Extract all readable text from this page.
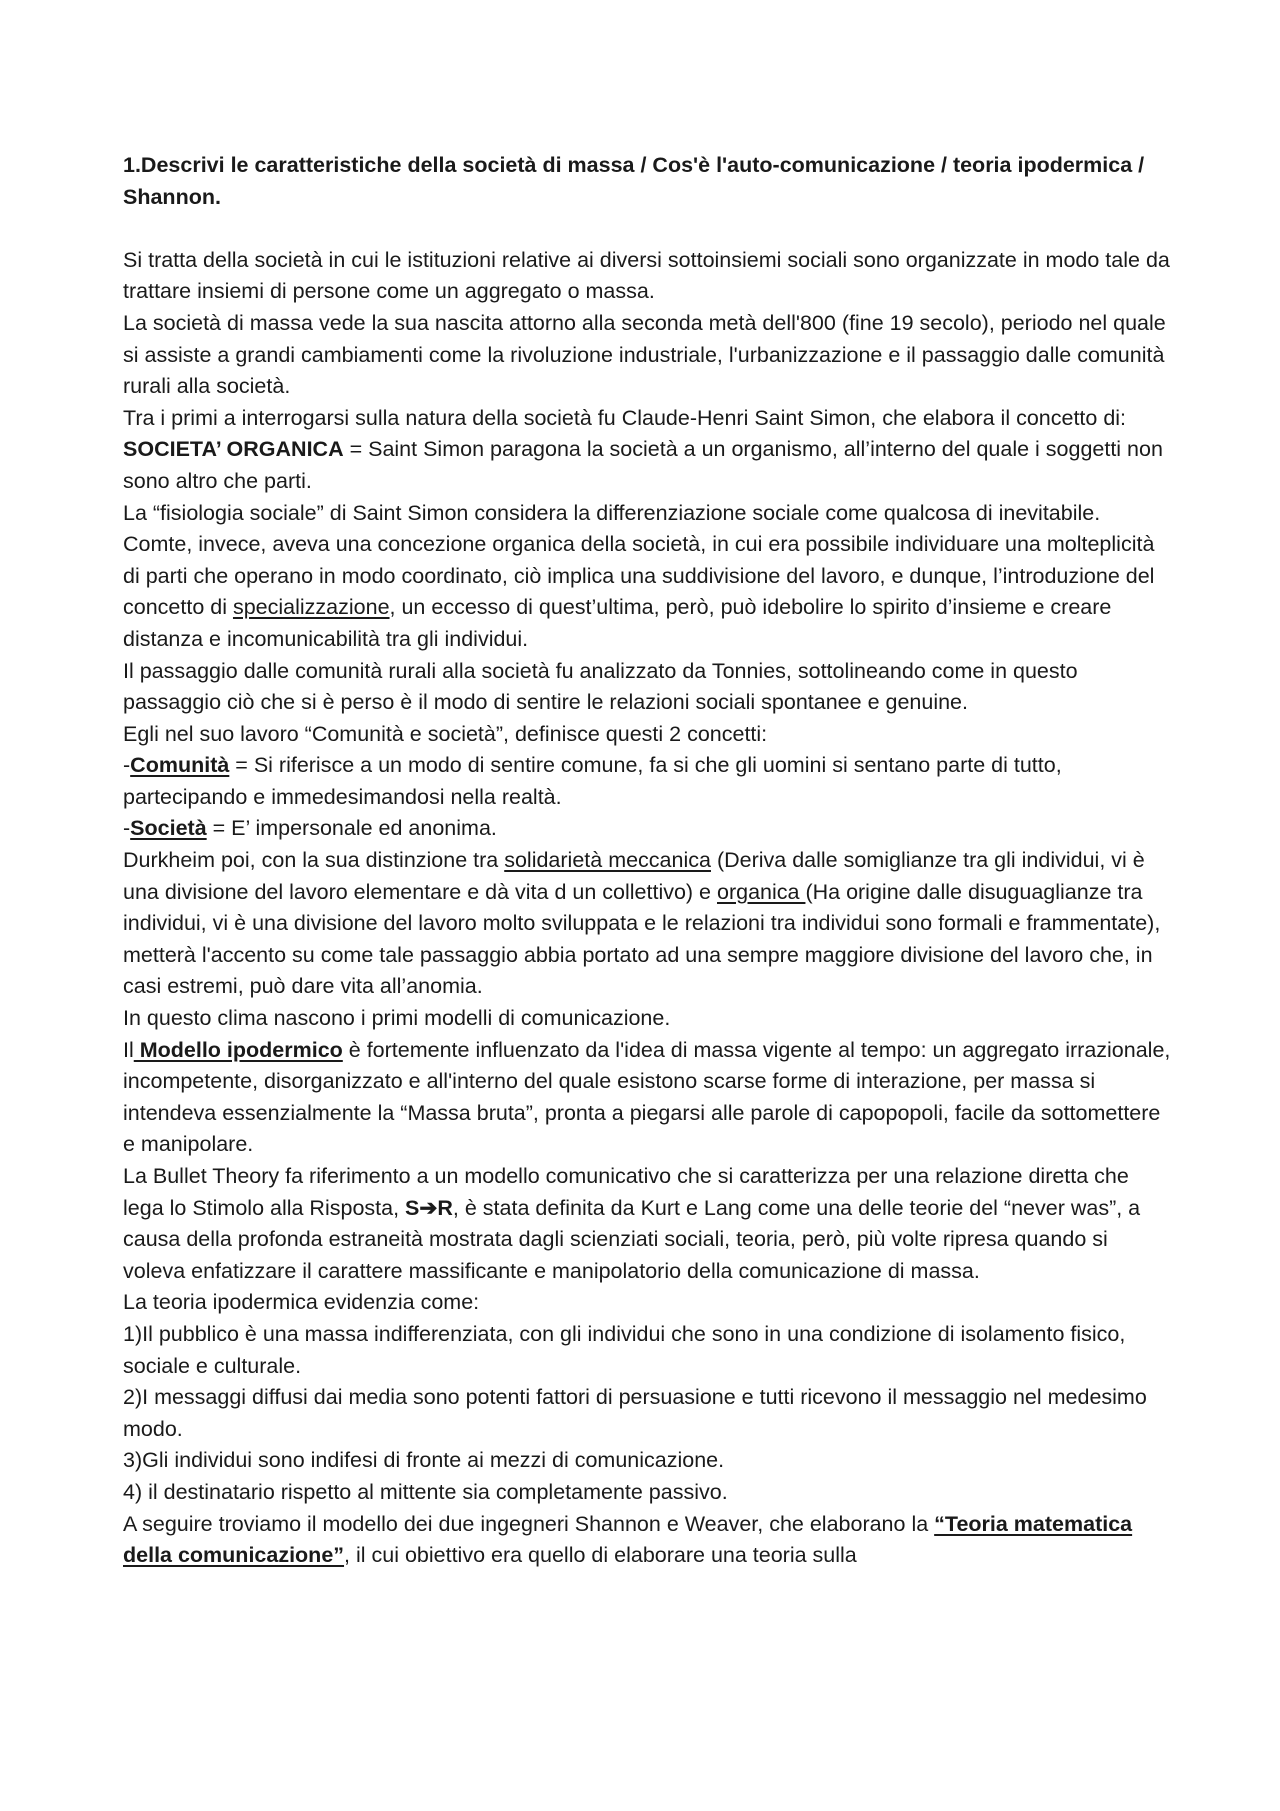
1.Descrivi le caratteristiche della società di massa / Cos'è l'auto-comunicazione / teoria ipodermica / Shannon.

Si tratta della società in cui le istituzioni relative ai diversi sottoinsiemi sociali sono organizzate in modo tale da trattare insiemi di persone come un aggregato o massa.

La società di massa vede la sua nascita attorno alla seconda metà dell'800 (fine 19 secolo), periodo nel quale si assiste a grandi cambiamenti come la rivoluzione industriale, l'urbanizzazione e il passaggio dalle comunità rurali alla società.

Tra i primi a interrogarsi sulla natura della società fu Claude-Henri Saint Simon, che elabora il concetto di:

SOCIETA’ ORGANICA = Saint Simon paragona la società a un organismo, all’interno del quale i soggetti non sono altro che parti.

La “fisiologia sociale” di Saint Simon considera la differenziazione sociale come qualcosa di inevitabile.

Comte, invece, aveva una concezione organica della società, in cui era possibile individuare una molteplicità di parti che operano in modo coordinato, ciò implica una suddivisione del lavoro, e dunque, l’introduzione del concetto di specializzazione, un eccesso di quest’ultima, però, può idebolire lo spirito d’insieme e creare distanza e incomunicabilità tra gli individui.

Il passaggio dalle comunità rurali alla società fu analizzato da Tonnies, sottolineando come in questo passaggio ciò che si è perso è il modo di sentire le relazioni sociali spontanee e genuine.

Egli nel suo lavoro “Comunità e società”, definisce questi 2 concetti:

-Comunità = Si riferisce a un modo di sentire comune, fa si che gli uomini si sentano parte di tutto, partecipando e immedesimandosi nella realtà.

-Società = E’ impersonale ed anonima.

Durkheim poi, con la sua distinzione tra solidarietà meccanica (Deriva dalle somiglianze tra gli individui, vi è una divisione del lavoro elementare e dà vita d un collettivo) e organica (Ha origine dalle disuguaglianze tra individui, vi è una divisione del lavoro molto sviluppata e le relazioni tra individui sono formali e frammentate), metterà l'accento su come tale passaggio abbia portato ad una sempre maggiore divisione del lavoro che, in casi estremi, può dare vita all’anomia.

In questo clima nascono i primi modelli di comunicazione.

Il Modello ipodermico è fortemente influenzato da l'idea di massa vigente al tempo: un aggregato irrazionale, incompetente, disorganizzato e all'interno del quale esistono scarse forme di interazione, per massa si intendeva essenzialmente la “Massa bruta”, pronta a piegarsi alle parole di capopopoli, facile da sottomettere e manipolare.

La Bullet Theory fa riferimento a un modello comunicativo che si caratterizza per una relazione diretta che lega lo Stimolo alla Risposta, S➔R, è stata definita da Kurt e Lang come una delle teorie del “never was”, a causa della profonda estraneità mostrata dagli scienziati sociali, teoria, però, più volte ripresa quando si voleva enfatizzare il carattere massificante e manipolatorio della comunicazione di massa.

La teoria ipodermica evidenzia come:

1)Il pubblico è una massa indifferenziata, con gli individui che sono in una condizione di isolamento fisico, sociale e culturale.

2)I messaggi diffusi dai media sono potenti fattori di persuasione e tutti ricevono il messaggio nel medesimo modo.

3)Gli individui sono indifesi di fronte ai mezzi di comunicazione.

4) il destinatario rispetto al mittente sia completamente passivo.

A seguire troviamo il modello dei due ingegneri Shannon e Weaver, che elaborano la “Teoria matematica della comunicazione”, il cui obiettivo era quello di elaborare una teoria sulla
